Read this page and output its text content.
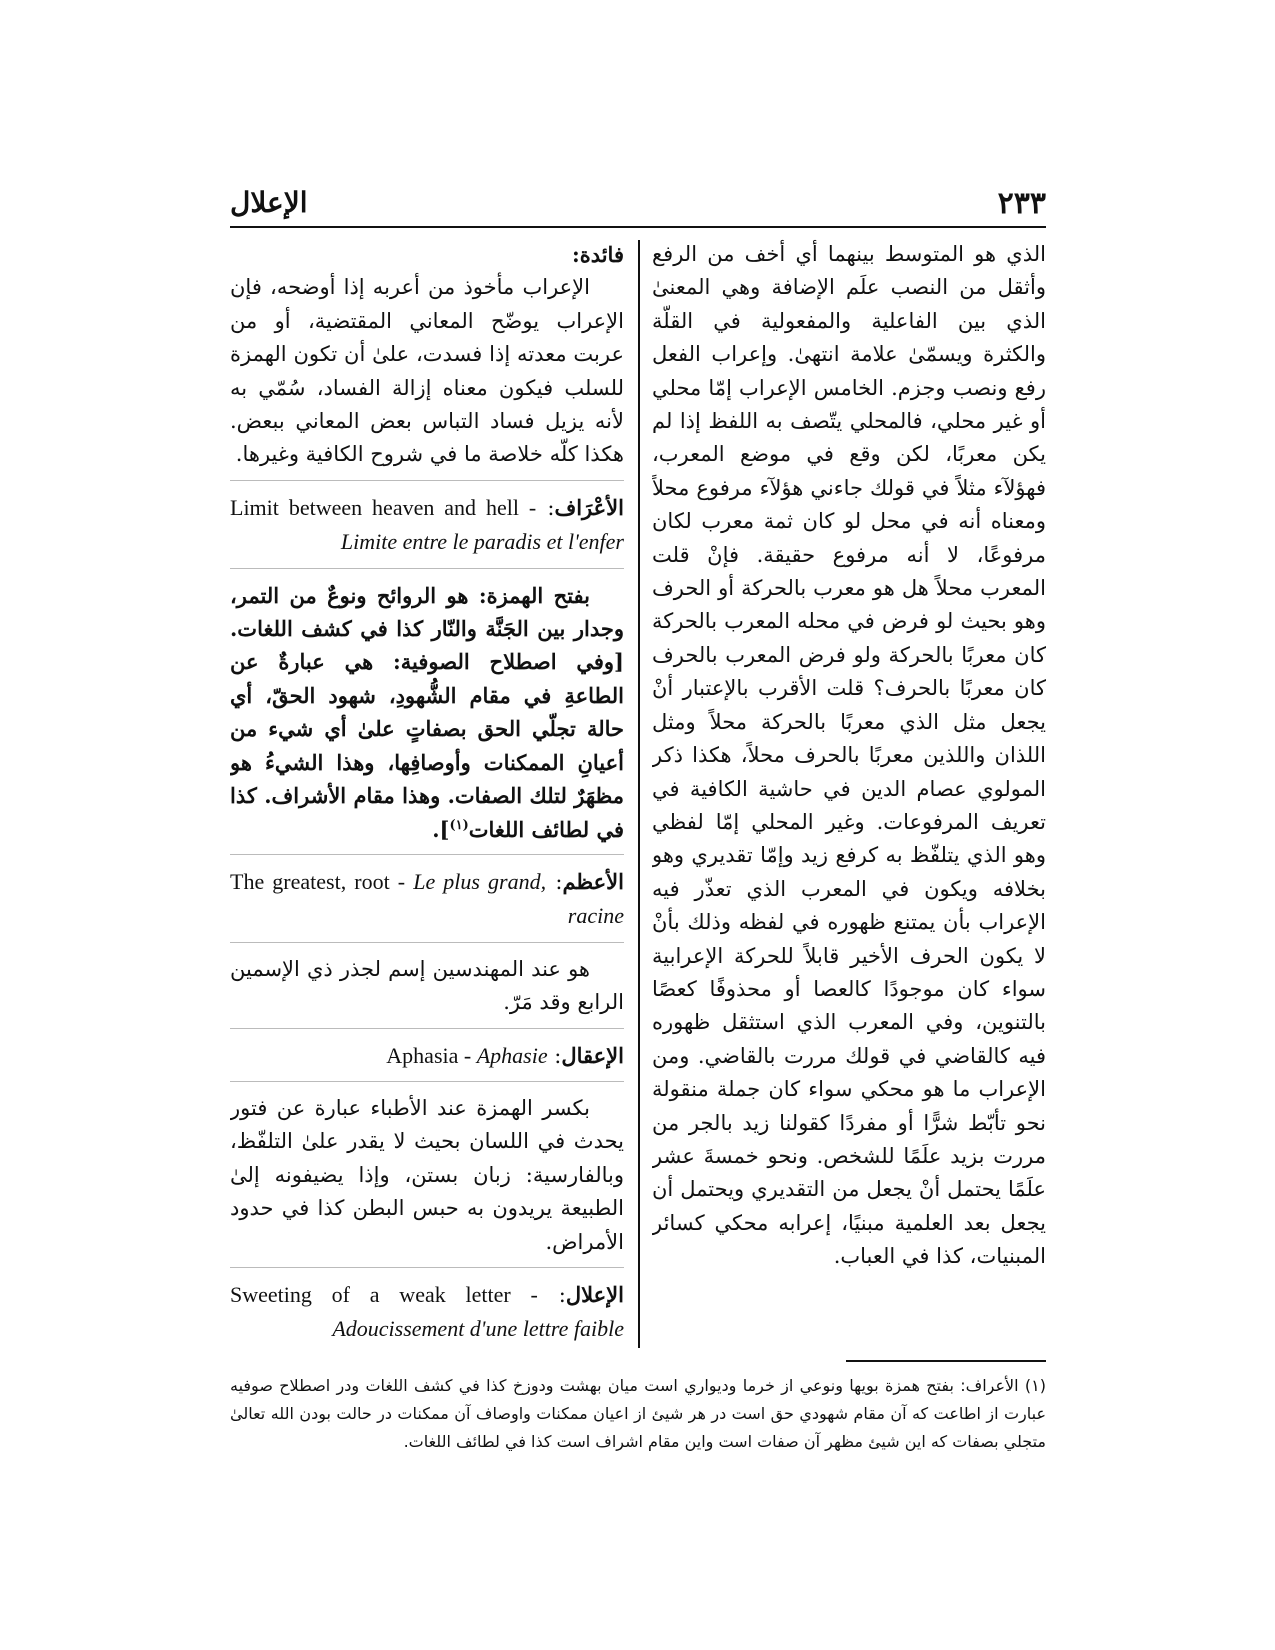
٢٣٣
الإعلال

الذي هو المتوسط بينهما أي أخف من الرفع وأثقل من النصب علَم الإضافة وهي المعنىٰ الذي بين الفاعلية والمفعولية في القلّة والكثرة ويسمّىٰ علامة انتهىٰ. وإعراب الفعل رفع ونصب وجزم. الخامس الإعراب إمّا محلي أو غير محلي، فالمحلي يتّصف به اللفظ إذا لم يكن معربًا، لكن وقع في موضع المعرب، فهؤلآء مثلاً في قولك جاءني هؤلآء مرفوع محلاً ومعناه أنه في محل لو كان ثمة معرب لكان مرفوعًا، لا أنه مرفوع حقيقة. فإنْ قلت المعرب محلاً هل هو معرب بالحركة أو الحرف وهو بحيث لو فرض في محله المعرب بالحركة كان معربًا بالحركة ولو فرض المعرب بالحرف كان معربًا بالحرف؟ قلت الأقرب بالإعتبار أنْ يجعل مثل الذي معربًا بالحركة محلاً ومثل اللذان واللذين معربًا بالحرف محلاً، هكذا ذكر المولوي عصام الدين في حاشية الكافية في تعريف المرفوعات. وغير المحلي إمّا لفظي وهو الذي يتلفّظ به كرفع زيد وإمّا تقديري وهو بخلافه ويكون في المعرب الذي تعذّر فيه الإعراب بأن يمتنع ظهوره في لفظه وذلك بأنْ لا يكون الحرف الأخير قابلاً للحركة الإعرابية سواء كان موجودًا كالعصا أو محذوفًا كعصًا بالتنوين، وفي المعرب الذي استثقل ظهوره فيه كالقاضي في قولك مررت بالقاضي. ومن الإعراب ما هو محكي سواء كان جملة منقولة نحو تأبّط شرًّا أو مفردًا كقولنا زيد بالجر من مررت بزيد علَمًا للشخص. ونحو خمسةَ عشر علَمًا يحتمل أنْ يجعل من التقديري ويحتمل أن يجعل بعد العلمية مبنيًا، إعرابه محكي كسائر المبنيات، كذا في العباب.

فائدة:

الإعراب مأخوذ من أعربه إذا أوضحه، فإن الإعراب يوضّح المعاني المقتضية، أو من عربت معدته إذا فسدت، علىٰ أن تكون الهمزة للسلب فيكون معناه إزالة الفساد، سُمّي به لأنه يزيل فساد التباس بعض المعاني ببعض. هكذا كلّه خلاصة ما في شروح الكافية وغيرها.

الأعْرَاف: Limit between heaven and hell - Limite entre le paradis et l'enfer

بفتح الهمزة: هو الروائح ونوعٌ من التمر، وجدار بين الجَنَّة والنّار كذا في كشف اللغات. [وفي اصطلاح الصوفية: هي عبارةٌ عن الطاعةِ في مقام الشُّهودِ، شهود الحقّ، أي حالة تجلّي الحق بصفاتٍ علىٰ أي شيء من أعيانِ الممكنات وأوصافِها، وهذا الشيءُ هو مظهَرٌ لتلك الصفات. وهذا مقام الأشراف. كذا في لطائف اللغات$^{(١)}$].

الأعظم: The greatest, root - Le plus grand, racine

هو عند المهندسين إسم لجذر ذي الإسمين الرابع وقد مَرّ.

الإعقال: Aphasia - Aphasie

بكسر الهمزة عند الأطباء عبارة عن فتور يحدث في اللسان بحيث لا يقدر علىٰ التلفّظ، وبالفارسية: زبان بستن، وإذا يضيفونه إلىٰ الطبيعة يريدون به حبس البطن كذا في حدود الأمراض.

الإعلال: Sweeting of a weak letter - Adoucissement d'une lettre faible

(١) الأعراف: بفتح همزة بويها ونوعي از خرما وديواري است ميان بهشت ودوزخ كذا في كشف اللغات ودر اصطلاح صوفيه عبارت از اطاعت كه آن مقام شهودي حق است در هر شيئ از اعيان ممكنات واوصاف آن ممكنات در حالت بودن الله تعالىٰ متجلي بصفات كه اين شيئ مظهر آن صفات است واين مقام اشراف است كذا في لطائف اللغات.
